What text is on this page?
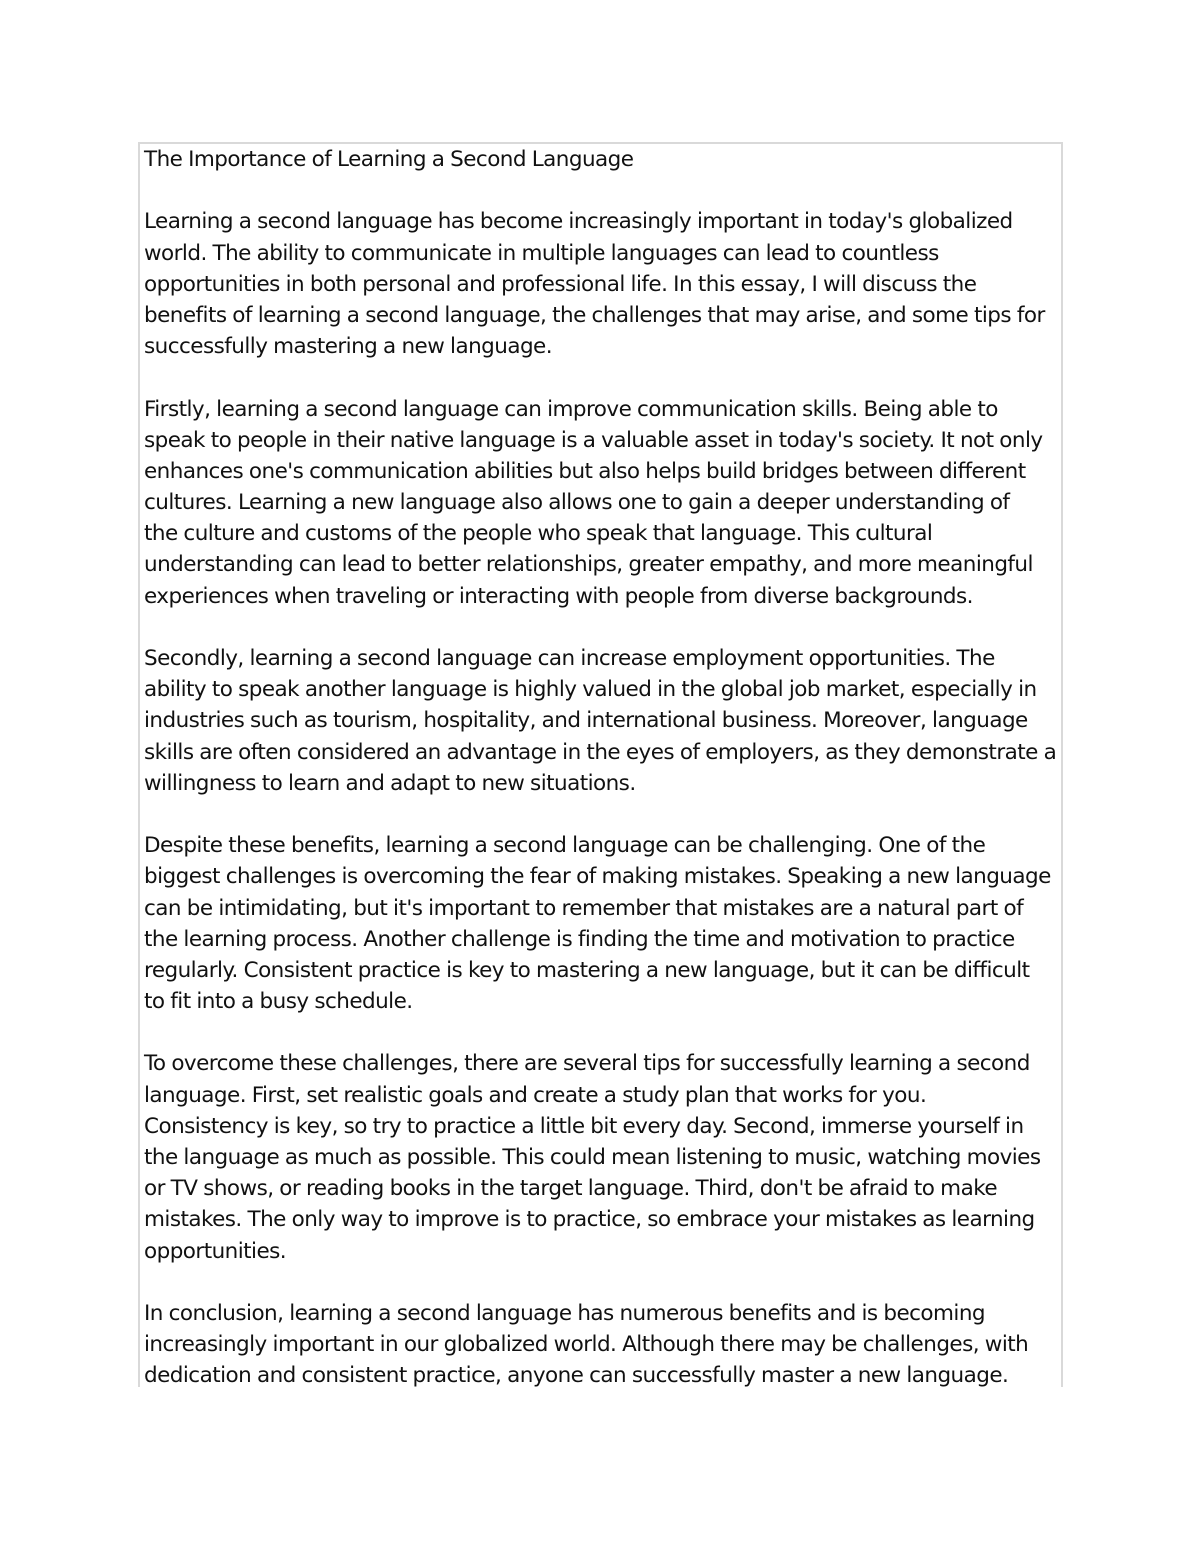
The Importance of Learning a Second Language
Learning a second language has become increasingly important in today's globalized
world. The ability to communicate in multiple languages can lead to countless
opportunities in both personal and professional life. In this essay, I will discuss the
benefits of learning a second language, the challenges that may arise, and some tips for
successfully mastering a new language.
Firstly, learning a second language can improve communication skills. Being able to
speak to people in their native language is a valuable asset in today's society. It not only
enhances one's communication abilities but also helps build bridges between different
cultures. Learning a new language also allows one to gain a deeper understanding of
the culture and customs of the people who speak that language. This cultural
understanding can lead to better relationships, greater empathy, and more meaningful
experiences when traveling or interacting with people from diverse backgrounds.
Secondly, learning a second language can increase employment opportunities. The
ability to speak another language is highly valued in the global job market, especially in
industries such as tourism, hospitality, and international business. Moreover, language
skills are often considered an advantage in the eyes of employers, as they demonstrate a
willingness to learn and adapt to new situations.
Despite these benefits, learning a second language can be challenging. One of the
biggest challenges is overcoming the fear of making mistakes. Speaking a new language
can be intimidating, but it's important to remember that mistakes are a natural part of
the learning process. Another challenge is finding the time and motivation to practice
regularly. Consistent practice is key to mastering a new language, but it can be difficult
to fit into a busy schedule.
To overcome these challenges, there are several tips for successfully learning a second
language. First, set realistic goals and create a study plan that works for you.
Consistency is key, so try to practice a little bit every day. Second, immerse yourself in
the language as much as possible. This could mean listening to music, watching movies
or TV shows, or reading books in the target language. Third, don't be afraid to make
mistakes. The only way to improve is to practice, so embrace your mistakes as learning
opportunities.
In conclusion, learning a second language has numerous benefits and is becoming
increasingly important in our globalized world. Although there may be challenges, with
dedication and consistent practice, anyone can successfully master a new language.
